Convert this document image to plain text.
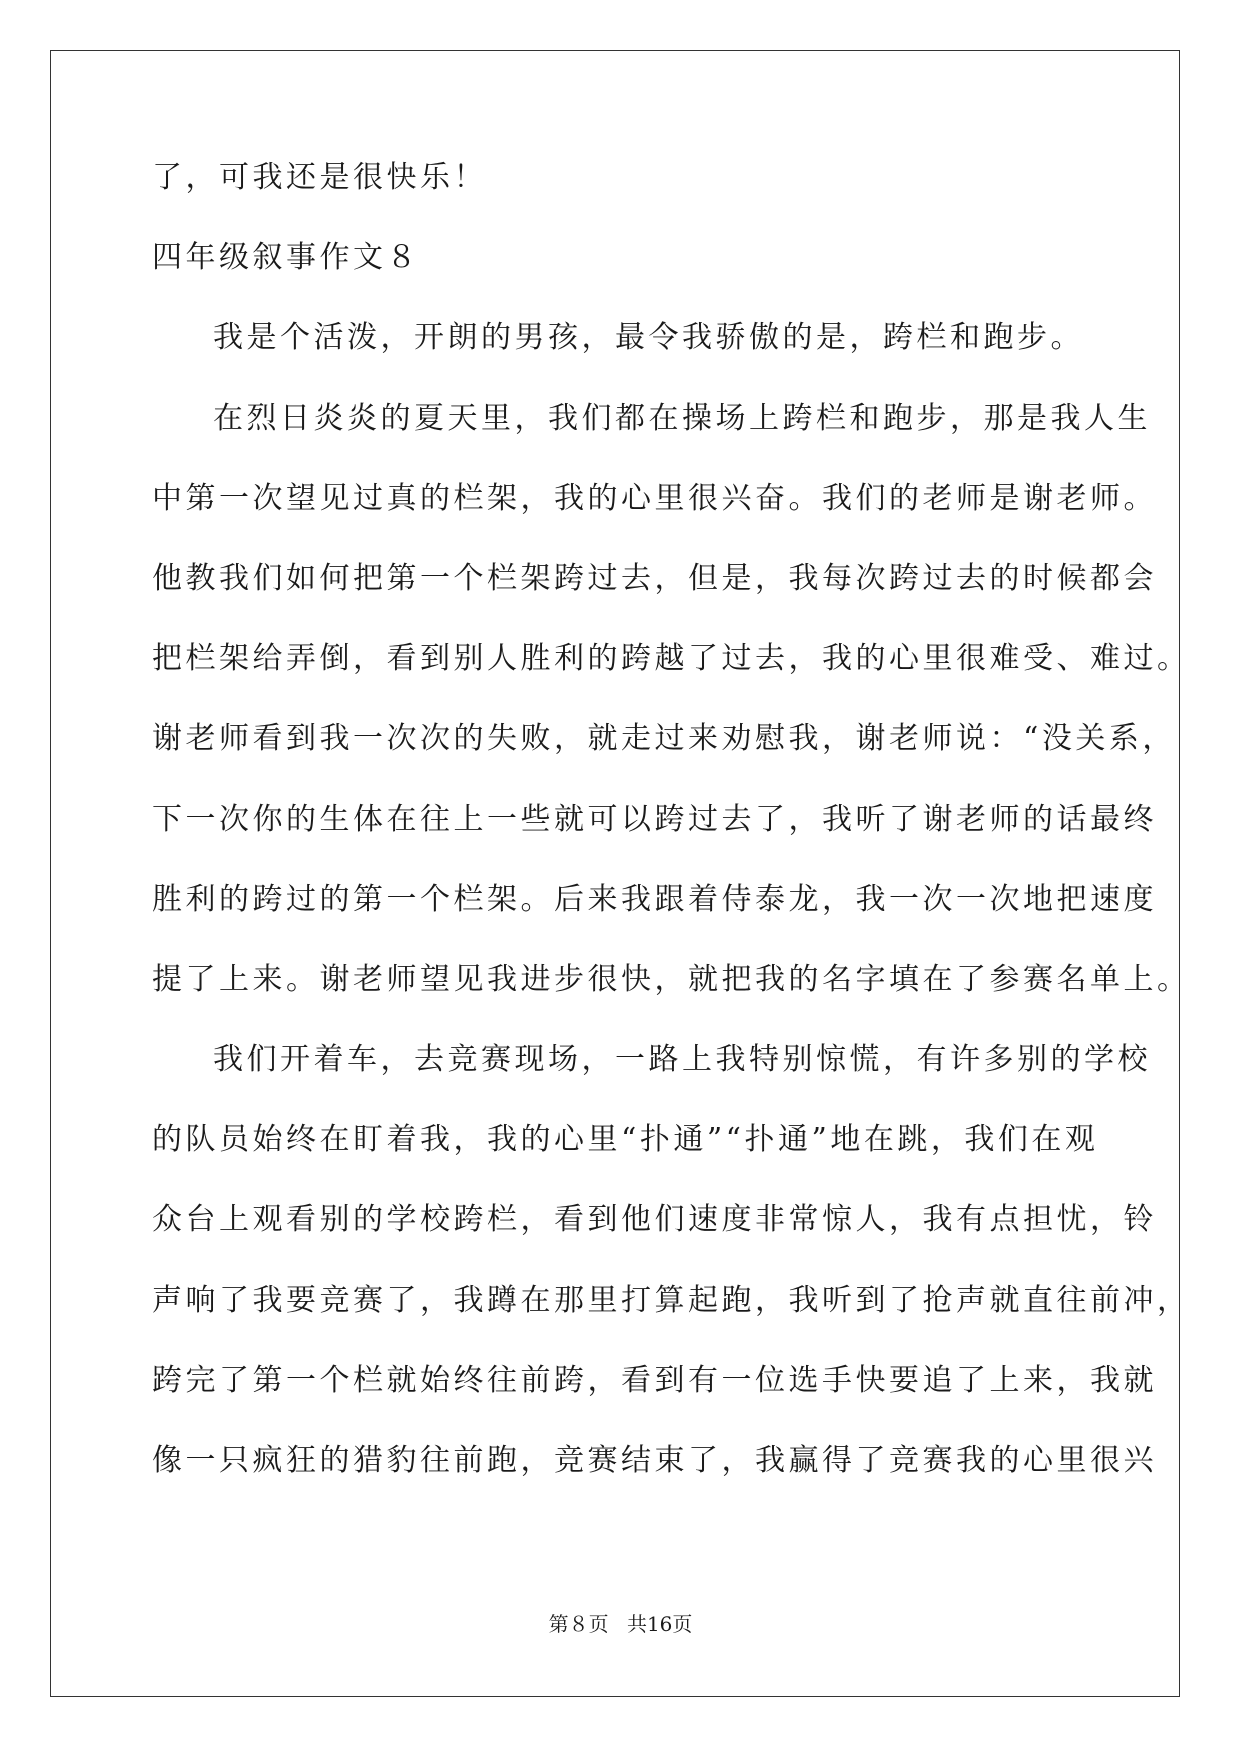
了，可我还是很快乐！
四年级叙事作文８
我是个活泼，开朗的男孩，最令我骄傲的是，跨栏和跑步。
在烈日炎炎的夏天里，我们都在操场上跨栏和跑步，那是我人生
中第一次望见过真的栏架，我的心里很兴奋。我们的老师是谢老师。
他教我们如何把第一个栏架跨过去，但是，我每次跨过去的时候都会
把栏架给弄倒，看到别人胜利的跨越了过去，我的心里很难受、难过。
谢老师看到我一次次的失败，就走过来劝慰我，谢老师说：“没关系，
下一次你的生体在往上一些就可以跨过去了，我听了谢老师的话最终
胜利的跨过的第一个栏架。后来我跟着侍泰龙，我一次一次地把速度
提了上来。谢老师望见我进步很快，就把我的名字填在了参赛名单上。
我们开着车，去竞赛现场，一路上我特别惊慌，有许多别的学校
的队员始终在盯着我，我的心里“扑通”“扑通”地在跳，我们在观
众台上观看别的学校跨栏，看到他们速度非常惊人，我有点担忧，铃
声响了我要竞赛了，我蹲在那里打算起跑，我听到了抢声就直往前冲，
跨完了第一个栏就始终往前跨，看到有一位选手快要追了上来，我就
像一只疯狂的猎豹往前跑，竞赛结束了，我赢得了竞赛我的心里很兴
第８页 共16页
